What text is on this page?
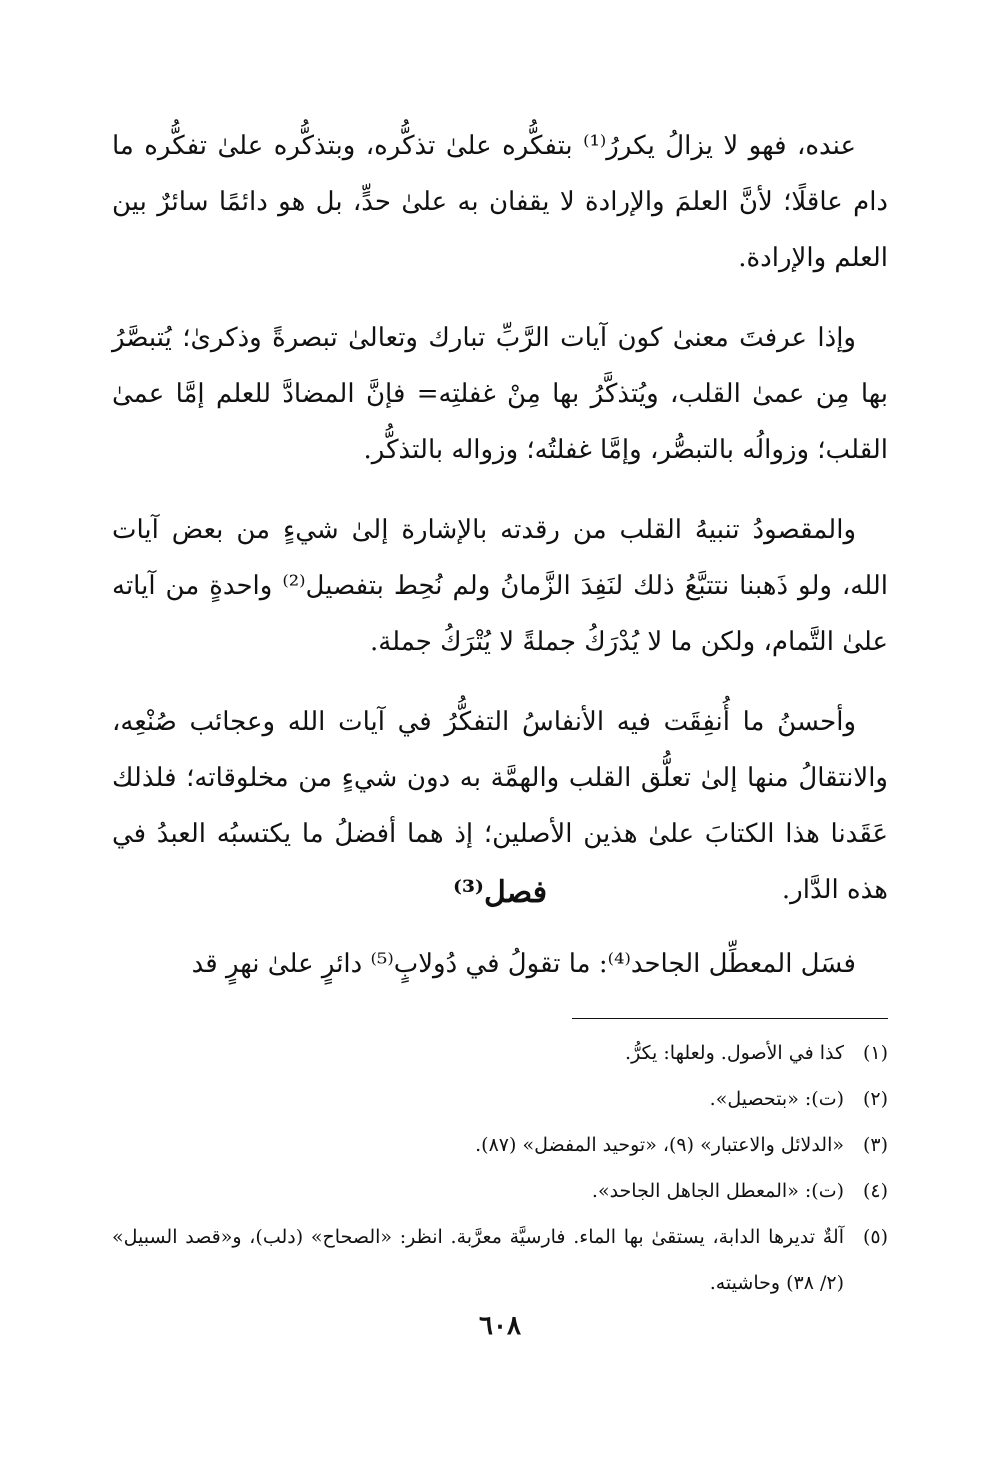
عنده، فهو لا يزالُ يكررُ⁽¹⁾ بتفكُّره علىٰ تذكُّره، وبتذكُّره علىٰ تفكُّره ما دام عاقلًا؛ لأنَّ العلمَ والإرادة لا يقفان به علىٰ حدٍّ، بل هو دائمًا سائرٌ بين العلم والإرادة.

وإذا عرفتَ معنىٰ كون آيات الرَّبِّ تبارك وتعالىٰ تبصرةً وذكرىٰ؛ يُتبصَّرُ بها مِن عمىٰ القلب، ويُتذكَّرُ بها مِنْ غفلتِه= فإنَّ المضادَّ للعلم إمَّا عمىٰ القلب؛ وزوالُه بالتبصُّر، وإمَّا غفلتُه؛ وزواله بالتذكُّر.

والمقصودُ تنبيهُ القلب من رقدته بالإشارة إلىٰ شيءٍ من بعض آيات الله، ولو ذَهبنا نتتبَّعُ ذلك لنَفِدَ الزَّمانُ ولم نُحِط بتفصيل⁽²⁾ واحدةٍ من آياته علىٰ التَّمام، ولكن ما لا يُدْرَكُ جملةً لا يُتْرَكُ جملة.

وأحسنُ ما أُنفِقَت فيه الأنفاسُ التفكُّرُ في آيات الله وعجائب صُنْعِه، والانتقالُ منها إلىٰ تعلُّق القلب والهمَّة به دون شيءٍ من مخلوقاته؛ فلذلك عَقَدنا هذا الكتابَ علىٰ هذين الأصلين؛ إذ هما أفضلُ ما يكتسبُه العبدُ في هذه الدَّار.

فصل⁽³⁾
فسَل المعطِّل الجاحد⁽⁴⁾: ما تقولُ في دُولابٍ⁽⁵⁾ دائرٍ علىٰ نهرٍ قد
(١)
كذا في الأصول. ولعلها: يكرُّ.
(٢)
(ت): «بتحصيل».
(٣)
«الدلائل والاعتبار» (٩)، «توحيد المفضل» (٨٧).
(٤)
(ت): «المعطل الجاهل الجاحد».
(٥)
آلةٌ تديرها الدابة، يستقىٰ بها الماء. فارسيَّة معرَّبة. انظر: «الصحاح» (دلب)، و«قصد السبيل» (٢/ ٣٨) وحاشيته.
٦٠٨
